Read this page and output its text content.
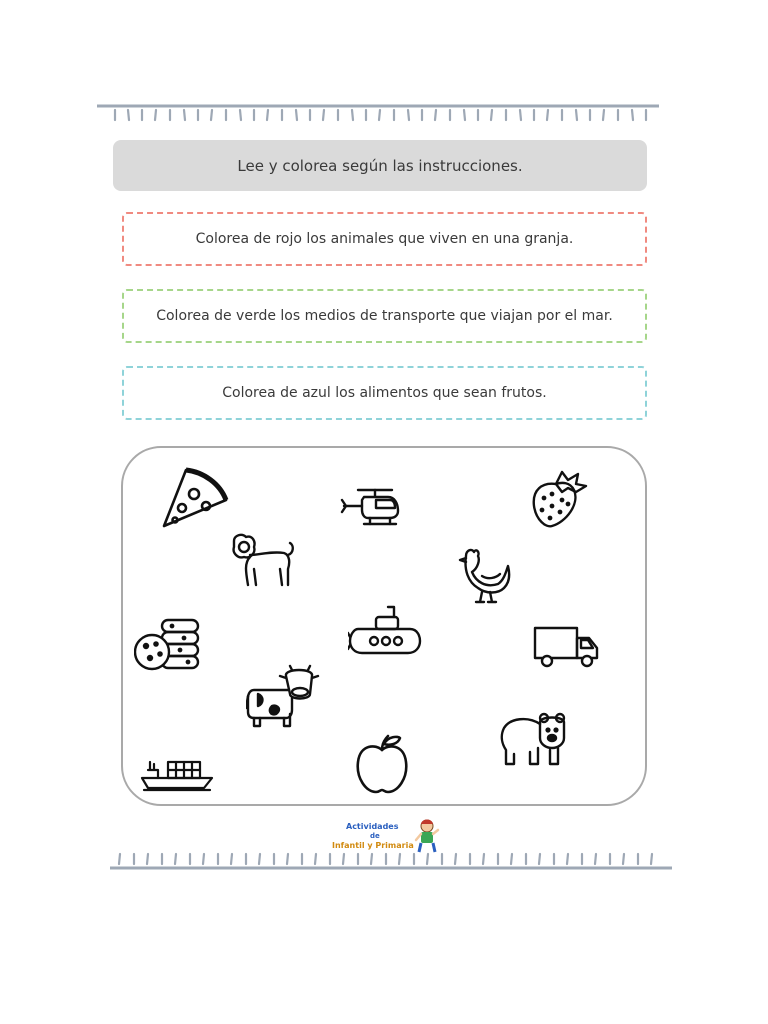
Lee y colorea según las instrucciones.
Colorea de rojo los animales que viven en una granja.
Colorea de verde los medios de transporte que viajan por el mar.
Colorea de azul los alimentos que sean frutos.
Actividades
de
Infantil y Primaria
